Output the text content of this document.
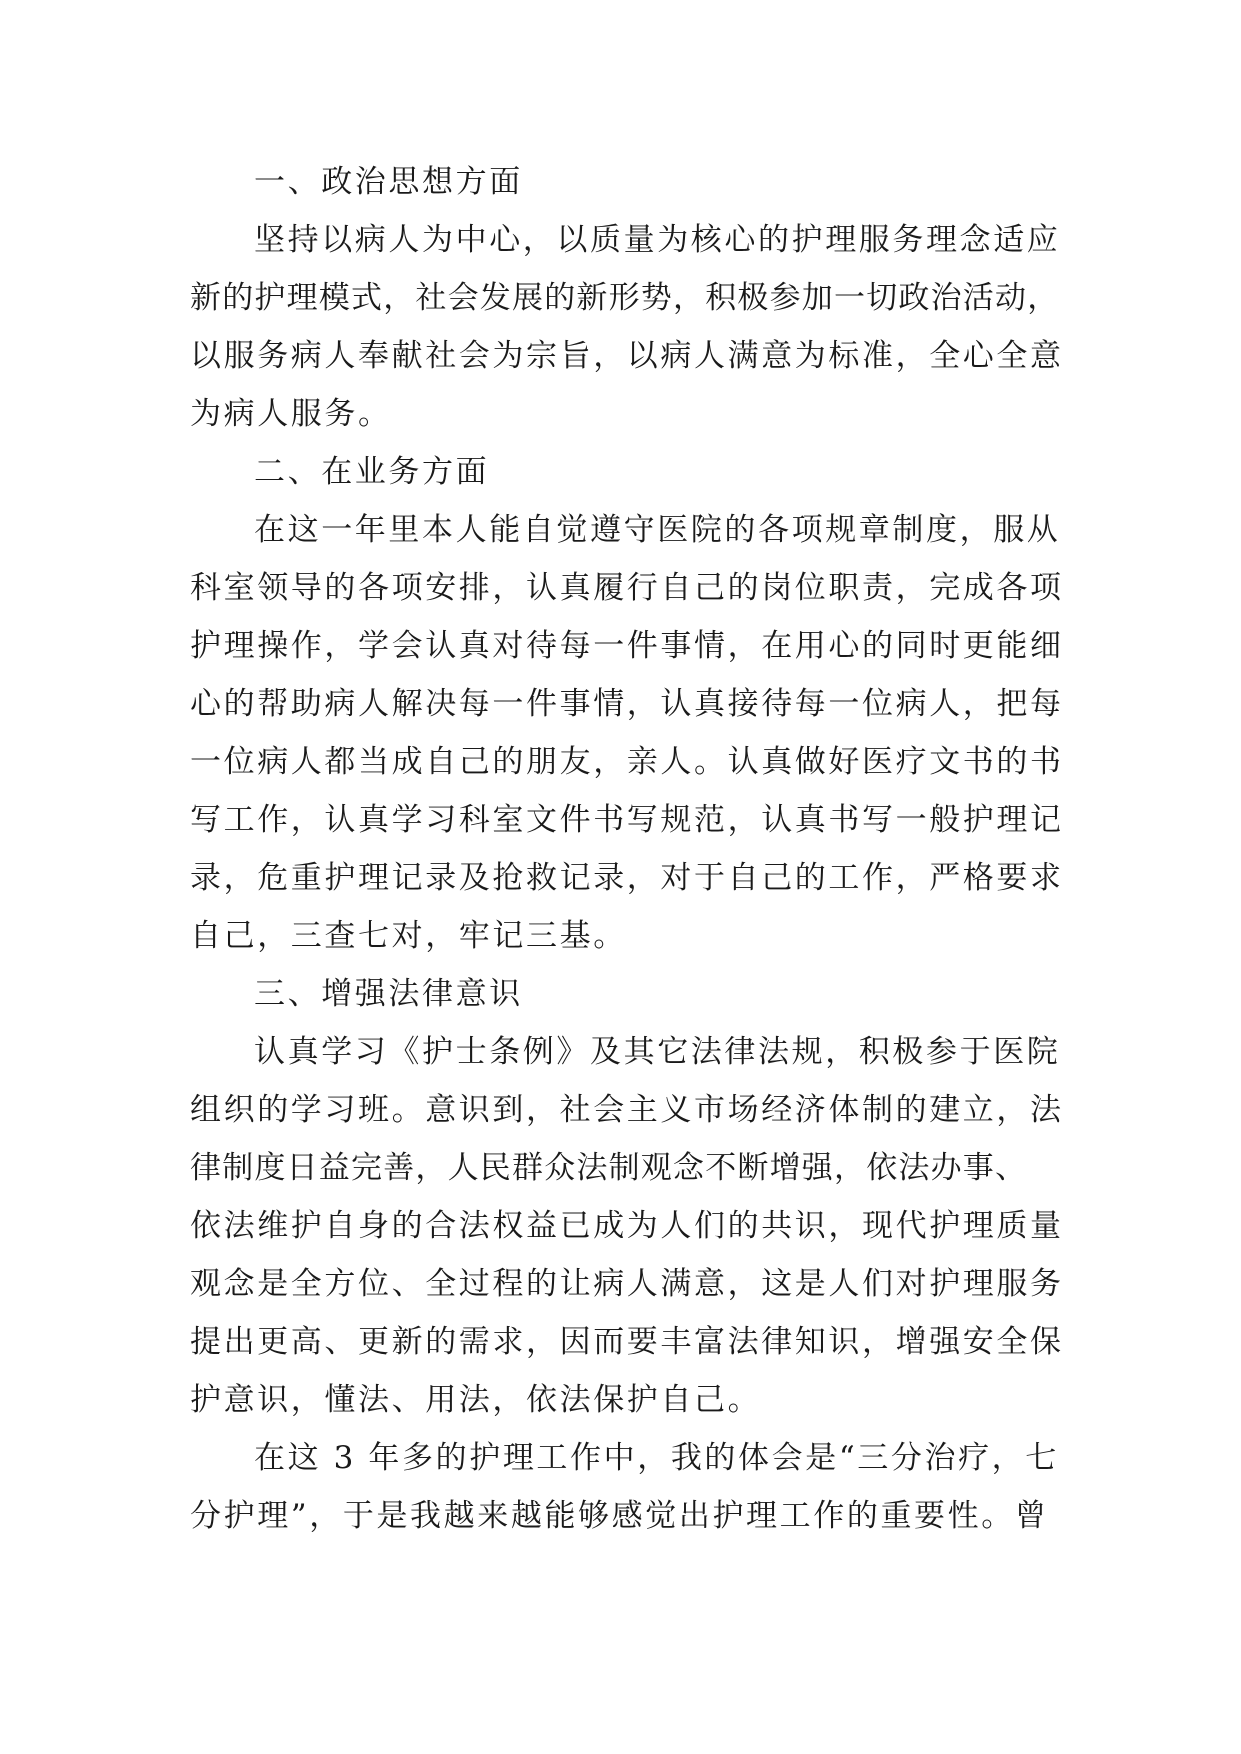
一、政治思想方面
坚持以病人为中心，以质量为核心的护理服务理念适应
新的护理模式，社会发展的新形势，积极参加一切政治活动，
以服务病人奉献社会为宗旨，以病人满意为标准，全心全意
为病人服务。
二、在业务方面
在这一年里本人能自觉遵守医院的各项规章制度，服从
科室领导的各项安排，认真履行自己的岗位职责，完成各项
护理操作，学会认真对待每一件事情，在用心的同时更能细
心的帮助病人解决每一件事情，认真接待每一位病人，把每
一位病人都当成自己的朋友，亲人。认真做好医疗文书的书
写工作，认真学习科室文件书写规范，认真书写一般护理记
录，危重护理记录及抢救记录，对于自己的工作，严格要求
自己，三查七对，牢记三基。
三、增强法律意识
认真学习《护士条例》及其它法律法规，积极参于医院
组织的学习班。意识到，社会主义市场经济体制的建立，法
律制度日益完善，人民群众法制观念不断增强，依法办事、
依法维护自身的合法权益已成为人们的共识，现代护理质量
观念是全方位、全过程的让病人满意，这是人们对护理服务
提出更高、更新的需求，因而要丰富法律知识，增强安全保
护意识，懂法、用法，依法保护自己。
在这 3 年多的护理工作中，我的体会是“三分治疗，七
分护理”，于是我越来越能够感觉出护理工作的重要性。曾
